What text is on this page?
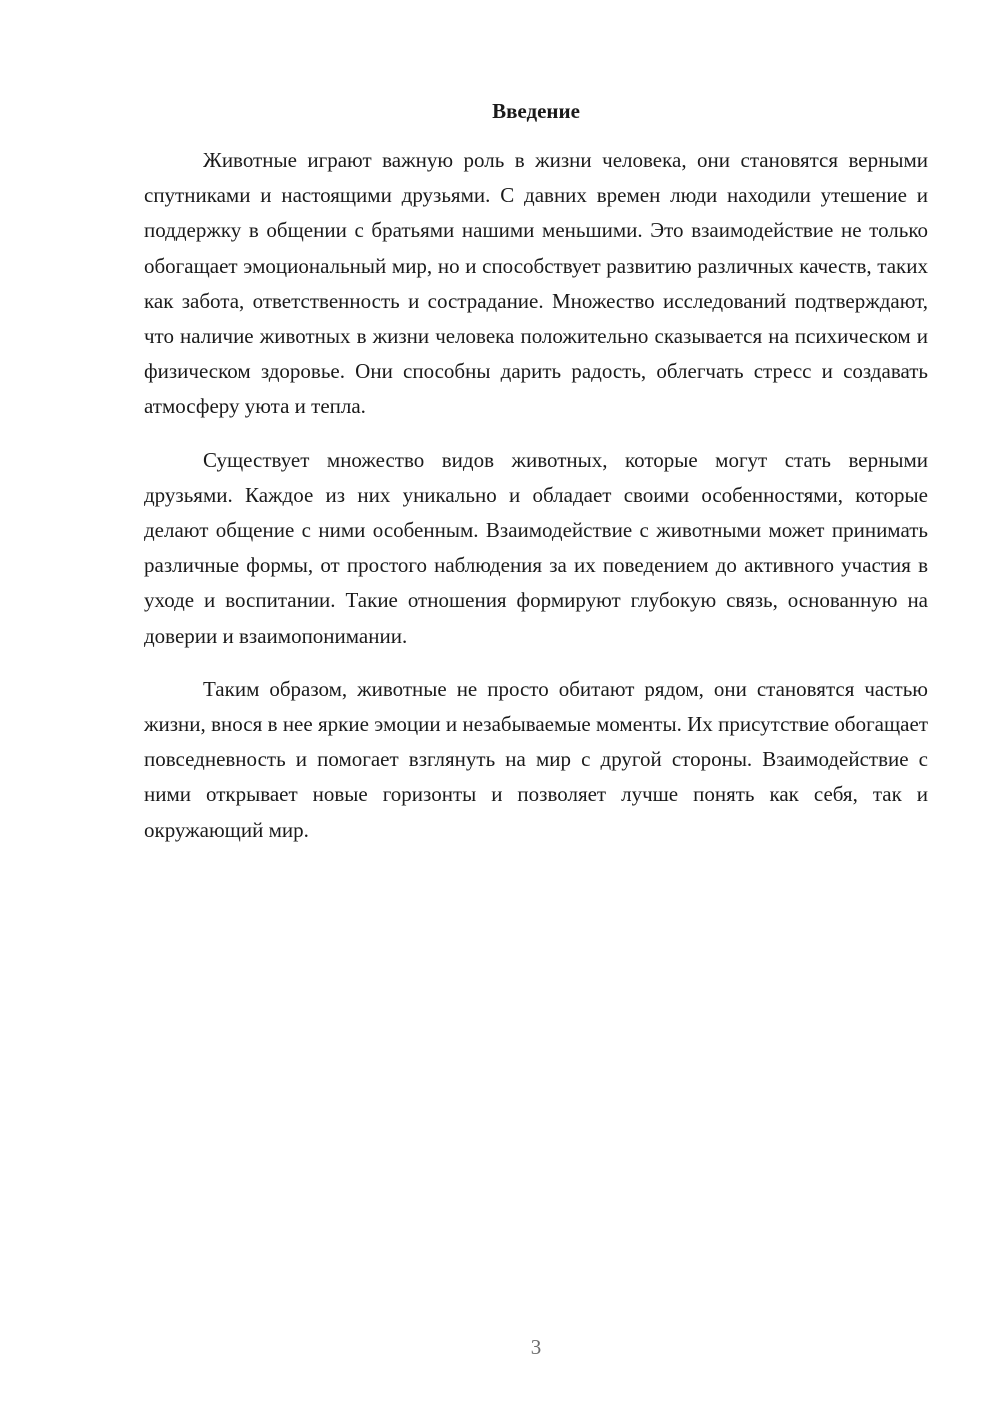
Введение

Животные играют важную роль в жизни человека, они становятся верными спутниками и настоящими друзьями. С давних времен люди находили утешение и поддержку в общении с братьями нашими меньшими. Это взаимодействие не только обогащает эмоциональный мир, но и способствует развитию различных качеств, таких как забота, ответственность и сострадание. Множество исследований подтверждают, что наличие животных в жизни человека положительно сказывается на психическом и физическом здоровье. Они способны дарить радость, облегчать стресс и создавать атмосферу уюта и тепла.

Существует множество видов животных, которые могут стать верными друзьями. Каждое из них уникально и обладает своими особенностями, которые делают общение с ними особенным. Взаимодействие с животными может принимать различные формы, от простого наблюдения за их поведением до активного участия в уходе и воспитании. Такие отношения формируют глубокую связь, основанную на доверии и взаимопонимании.

Таким образом, животные не просто обитают рядом, они становятся частью жизни, внося в нее яркие эмоции и незабываемые моменты. Их присутствие обогащает повседневность и помогает взглянуть на мир с другой стороны. Взаимодействие с ними открывает новые горизонты и позволяет лучше понять как себя, так и окружающий мир.

3
